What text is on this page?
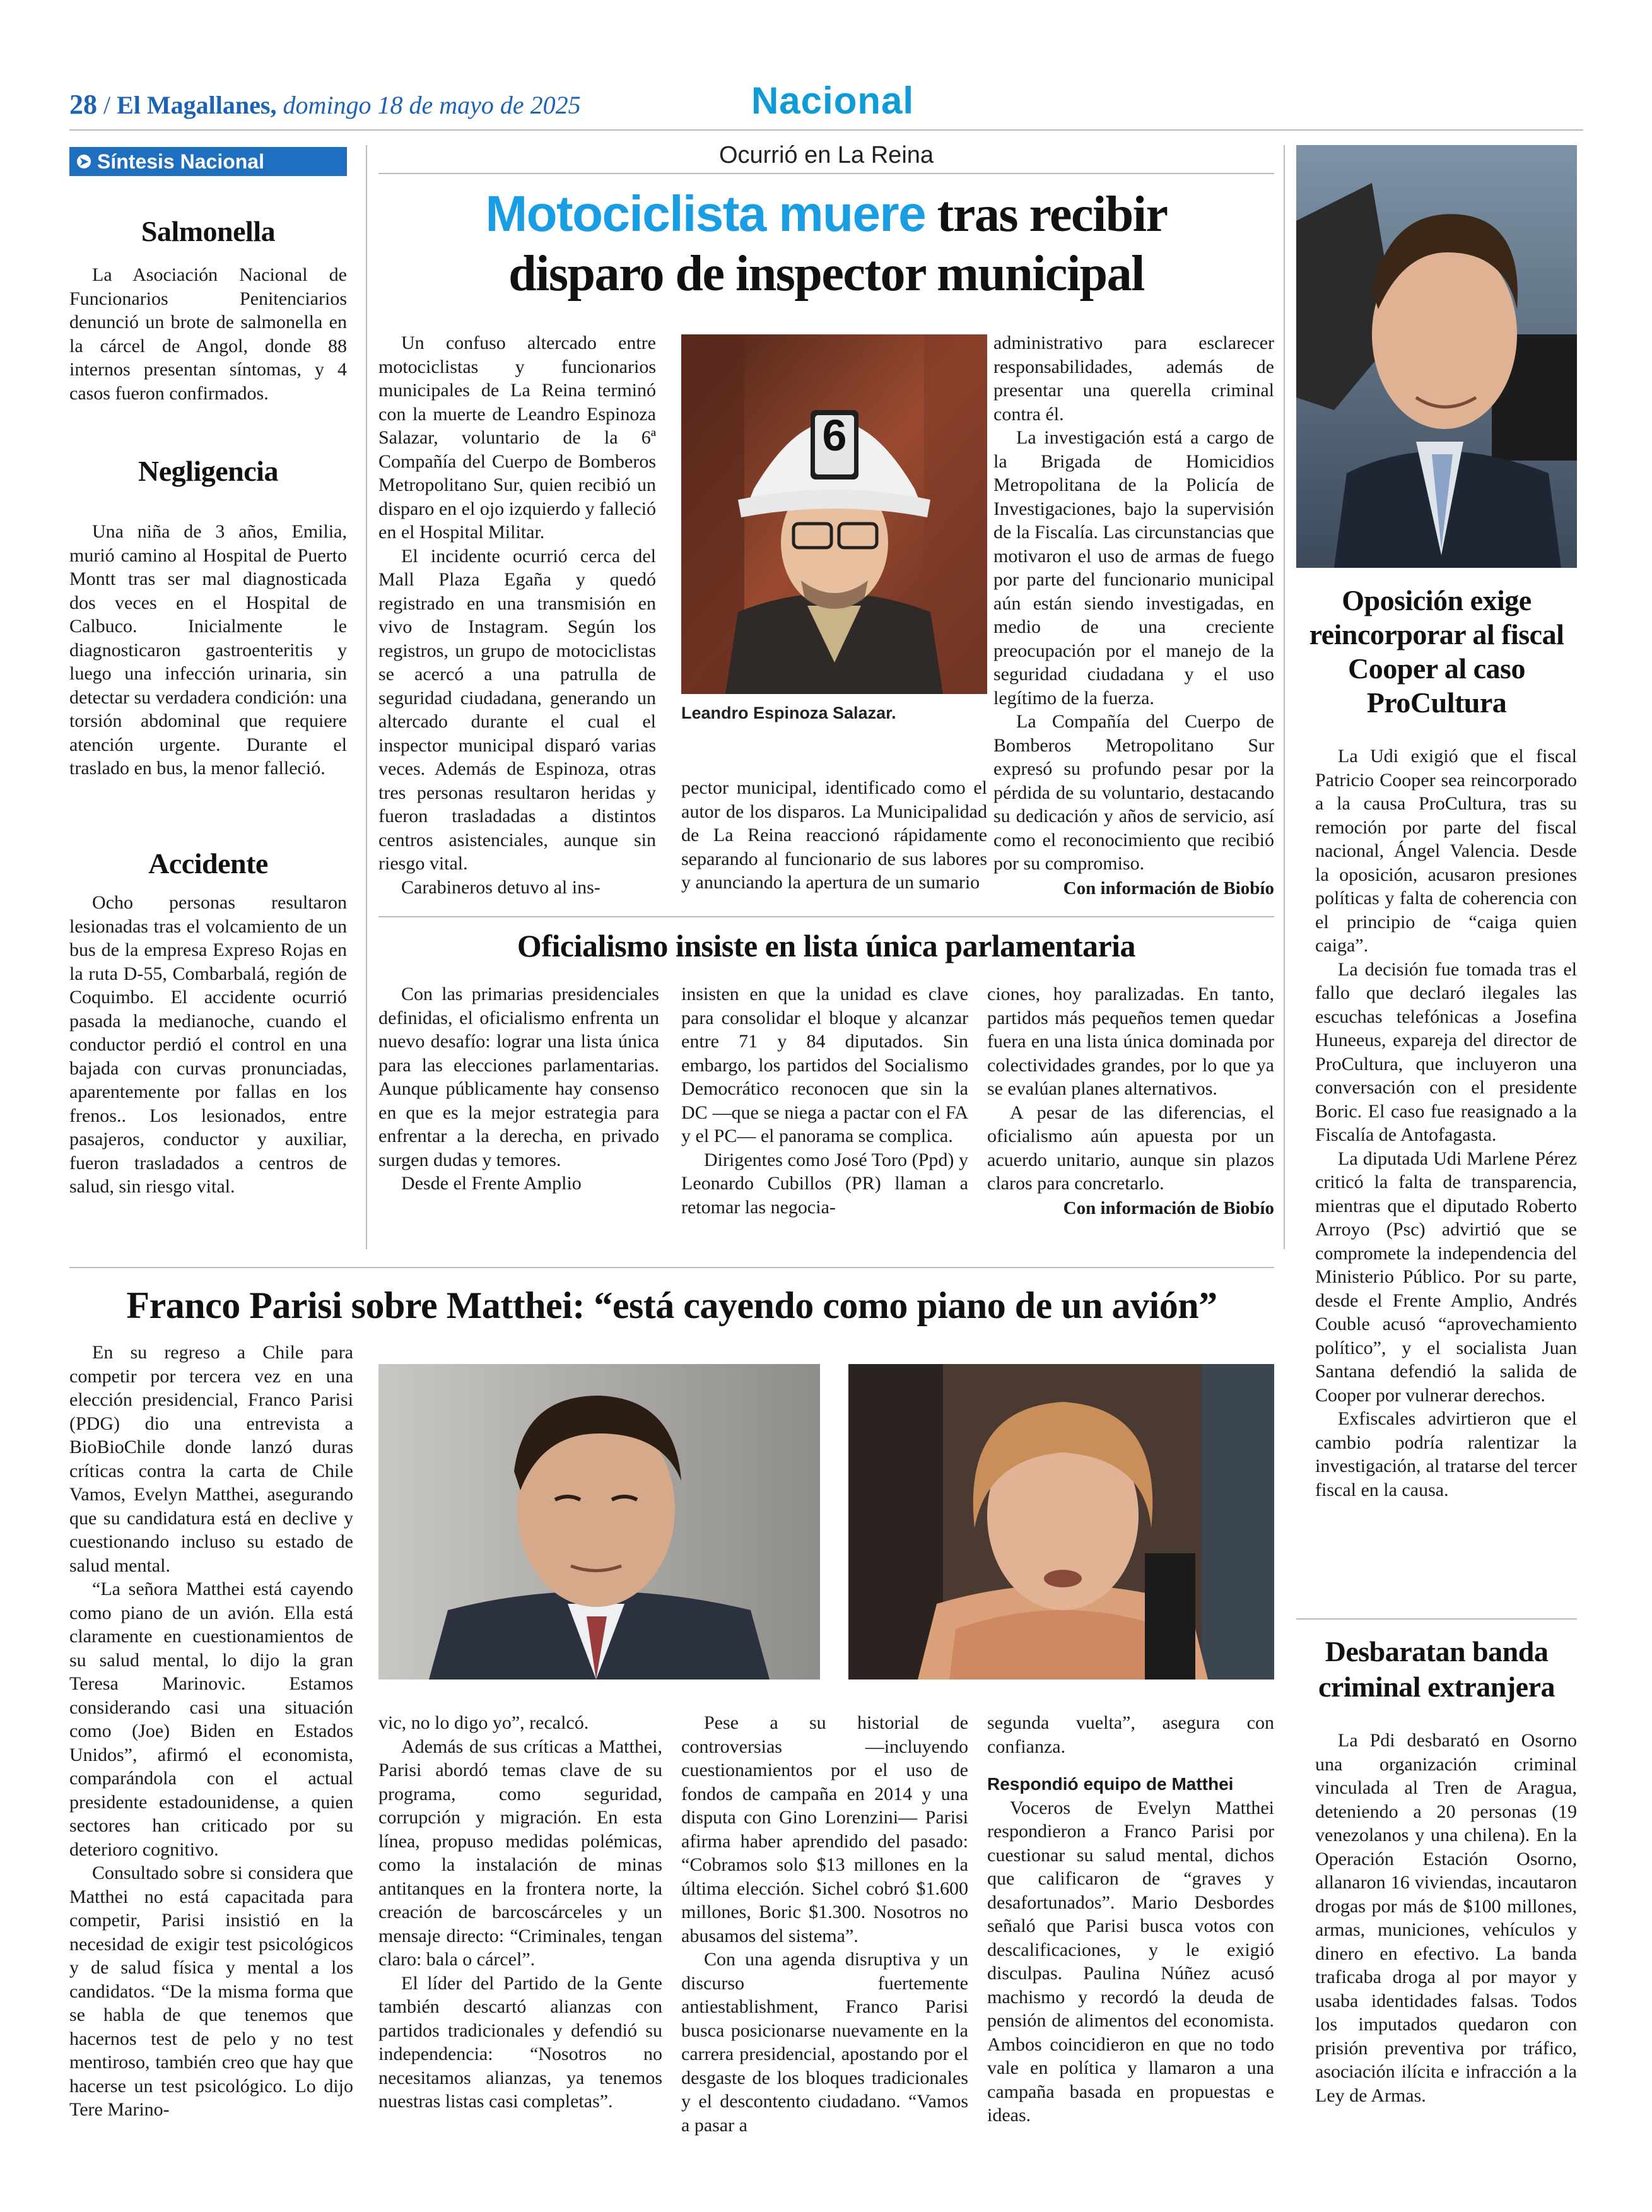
28 / El Magallanes, domingo 18 de mayo de 2025	Nacional
➤ Síntesis Nacional
Salmonella

La Asociación Nacional de Funcionarios Penitenciarios denunció un brote de salmonella en la cárcel de Angol, donde 88 internos presentan síntomas, y 4 casos fueron confirmados.

Negligencia

Una niña de 3 años, Emilia, murió camino al Hospital de Puerto Montt tras ser mal diagnosticada dos veces en el Hospital de Calbuco. Inicialmente le diagnosticaron gastroenteritis y luego una infección urinaria, sin detectar su verdadera condición: una torsión abdominal que requiere atención urgente. Durante el traslado en bus, la menor falleció.

Accidente

Ocho personas resultaron lesionadas tras el volcamiento de un bus de la empresa Expreso Rojas en la ruta D-55, Combarbalá, región de Coquimbo. El accidente ocurrió pasada la medianoche, cuando el conductor perdió el control en una bajada con curvas pronunciadas, aparentemente por fallas en los frenos.. Los lesionados, entre pasajeros, conductor y auxiliar, fueron trasladados a centros de salud, sin riesgo vital.

Ocurrió en La Reina
Motociclista muere tras recibir
disparo de inspector municipal

Un confuso altercado entre motociclistas y funcionarios municipales de La Reina terminó con la muerte de Leandro Espinoza Salazar, voluntario de la 6ª Compañía del Cuerpo de Bomberos Metropolitano Sur, quien recibió un disparo en el ojo izquierdo y falleció en el Hospital Militar.

El incidente ocurrió cerca del Mall Plaza Egaña y quedó registrado en una transmisión en vivo de Instagram. Según los registros, un grupo de motociclistas se acercó a una patrulla de seguridad ciudadana, generando un altercado durante el cual el inspector municipal disparó varias veces. Además de Espinoza, otras tres personas resultaron heridas y fueron trasladadas a distintos centros asistenciales, aunque sin riesgo vital.

Carabineros detuvo al ins-

6
Leandro Espinoza Salazar.

pector municipal, identificado como el autor de los disparos. La Municipalidad de La Reina reaccionó rápidamente separando al funcionario de sus labores y anunciando la apertura de un sumario

administrativo para esclarecer responsabilidades, además de presentar una querella criminal contra él.

La investigación está a cargo de la Brigada de Homicidios Metropolitana de la Policía de Investigaciones, bajo la supervisión de la Fiscalía. Las circunstancias que motivaron el uso de armas de fuego por parte del funcionario municipal aún están siendo investigadas, en medio de una creciente preocupación por el manejo de la seguridad ciudadana y el uso legítimo de la fuerza.

La Compañía del Cuerpo de Bomberos Metropolitano Sur expresó su profundo pesar por la pérdida de su voluntario, destacando su dedicación y años de servicio, así como el reconocimiento que recibió por su compromiso.

Con información de Biobío
Oficialismo insiste en lista única parlamentaria

Con las primarias presidenciales definidas, el oficialismo enfrenta un nuevo desafío: lograr una lista única para las elecciones parlamentarias. Aunque públicamente hay consenso en que es la mejor estrategia para enfrentar a la derecha, en privado surgen dudas y temores.

Desde el Frente Amplio

insisten en que la unidad es clave para consolidar el bloque y alcanzar entre 71 y 84 diputados. Sin embargo, los partidos del Socialismo Democrático reconocen que sin la DC —que se niega a pactar con el FA y el PC— el panorama se complica.

Dirigentes como José Toro (Ppd) y Leonardo Cubillos (PR) llaman a retomar las negocia-

ciones, hoy paralizadas. En tanto, partidos más pequeños temen quedar fuera en una lista única dominada por colectividades grandes, por lo que ya se evalúan planes alternativos.

A pesar de las diferencias, el oficialismo aún apuesta por un acuerdo unitario, aunque sin plazos claros para concretarlo.

Con información de Biobío
Oposición exige reincorporar al fiscal Cooper al caso ProCultura

La Udi exigió que el fiscal Patricio Cooper sea reincorporado a la causa ProCultura, tras su remoción por parte del fiscal nacional, Ángel Valencia. Desde la oposición, acusaron presiones políticas y falta de coherencia con el principio de “caiga quien caiga”.

La decisión fue tomada tras el fallo que declaró ilegales las escuchas telefónicas a Josefina Huneeus, expareja del director de ProCultura, que incluyeron una conversación con el presidente Boric. El caso fue reasignado a la Fiscalía de Antofagasta.

La diputada Udi Marlene Pérez criticó la falta de transparencia, mientras que el diputado Roberto Arroyo (Psc) advirtió que se compromete la independencia del Ministerio Público. Por su parte, desde el Frente Amplio, Andrés Couble acusó “aprovechamiento político”, y el socialista Juan Santana defendió la salida de Cooper por vulnerar derechos.

Exfiscales advirtieron que el cambio podría ralentizar la investigación, al tratarse del tercer fiscal en la causa.

Desbaratan banda criminal extranjera

La Pdi desbarató en Osorno una organización criminal vinculada al Tren de Aragua, deteniendo a 20 personas (19 venezolanos y una chilena). En la Operación Estación Osorno, allanaron 16 viviendas, incautaron drogas por más de $100 millones, armas, municiones, vehículos y dinero en efectivo. La banda traficaba droga al por mayor y usaba identidades falsas. Todos los imputados quedaron con prisión preventiva por tráfico, asociación ilícita e infracción a la Ley de Armas.

Franco Parisi sobre Matthei: “está cayendo como piano de un avión”

En su regreso a Chile para competir por tercera vez en una elección presidencial, Franco Parisi (PDG) dio una entrevista a BioBioChile donde lanzó duras críticas contra la carta de Chile Vamos, Evelyn Matthei, asegurando que su candidatura está en declive y cuestionando incluso su estado de salud mental.

“La señora Matthei está cayendo como piano de un avión. Ella está claramente en cuestionamientos de su salud mental, lo dijo la gran Teresa Marinovic. Estamos considerando casi una situación como (Joe) Biden en Estados Unidos”, afirmó el economista, comparándola con el actual presidente estadounidense, a quien sectores han criticado por su deterioro cognitivo.

Consultado sobre si considera que Matthei no está capacitada para competir, Parisi insistió en la necesidad de exigir test psicológicos y de salud física y mental a los candidatos. “De la misma forma que se habla de que tenemos que hacernos test de pelo y no test mentiroso, también creo que hay que hacerse un test psicológico. Lo dijo Tere Marino-

vic, no lo digo yo”, recalcó.

Además de sus críticas a Matthei, Parisi abordó temas clave de su programa, como seguridad, corrupción y migración. En esta línea, propuso medidas polémicas, como la instalación de minas antitanques en la frontera norte, la creación de barcoscárceles y un mensaje directo: “Criminales, tengan claro: bala o cárcel”.

El líder del Partido de la Gente también descartó alianzas con partidos tradicionales y defendió su independencia: “Nosotros no necesitamos alianzas, ya tenemos nuestras listas casi completas”.

Pese a su historial de controversias —incluyendo cuestionamientos por el uso de fondos de campaña en 2014 y una disputa con Gino Lorenzini— Parisi afirma haber aprendido del pasado: “Cobramos solo $13 millones en la última elección. Sichel cobró $1.600 millones, Boric $1.300. Nosotros no abusamos del sistema”.

Con una agenda disruptiva y un discurso fuertemente antiestablishment, Franco Parisi busca posicionarse nuevamente en la carrera presidencial, apostando por el desgaste de los bloques tradicionales y el descontento ciudadano. “Vamos a pasar a

segunda vuelta”, asegura con confianza.

Respondió equipo de Matthei

Voceros de Evelyn Matthei respondieron a Franco Parisi por cuestionar su salud mental, dichos que calificaron de “graves y desafortunados”. Mario Desbordes señaló que Parisi busca votos con descalificaciones, y le exigió disculpas. Paulina Núñez acusó machismo y recordó la deuda de pensión de alimentos del economista. Ambos coincidieron en que no todo vale en política y llamaron a una campaña basada en propuestas e ideas.
